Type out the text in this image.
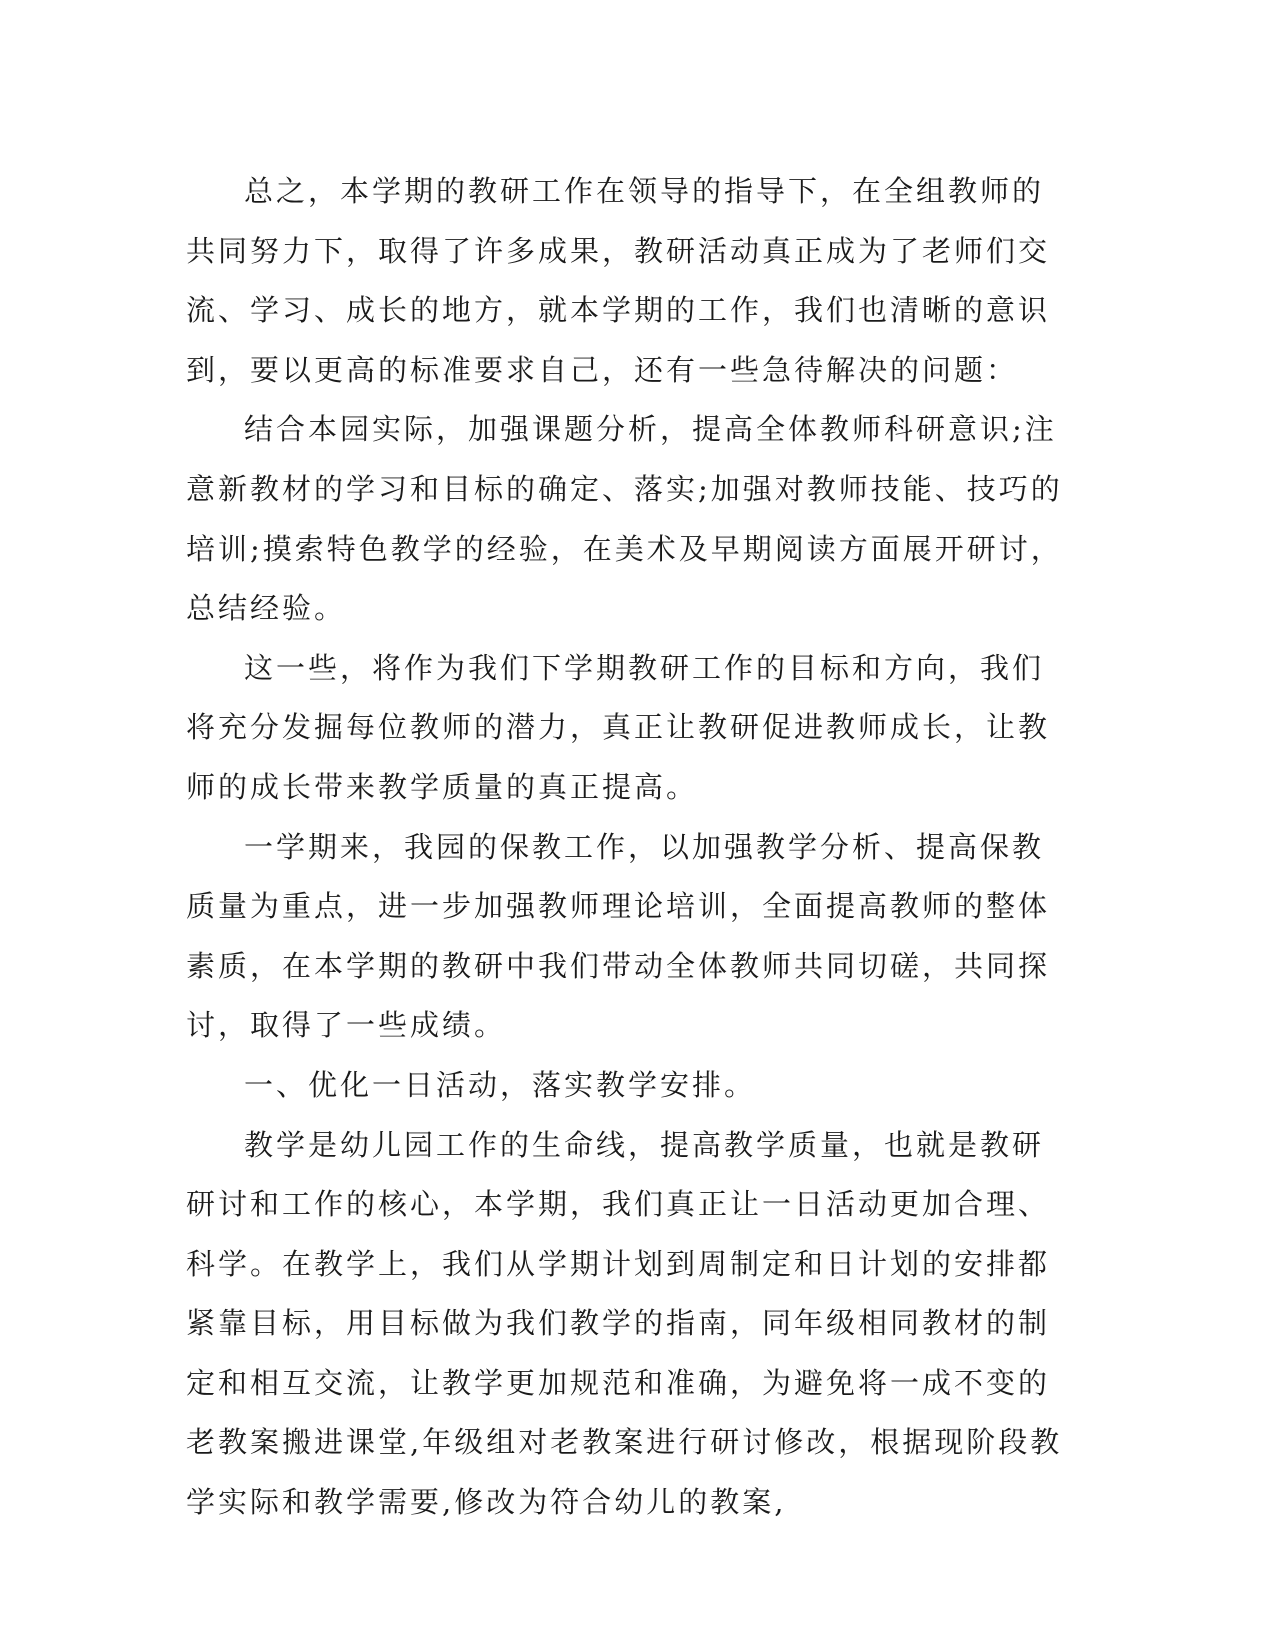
总之，本学期的教研工作在领导的指导下，在全组教师的共同努力下，取得了许多成果，教研活动真正成为了老师们交流、学习、成长的地方，就本学期的工作，我们也清晰的意识到，要以更高的标准要求自己，还有一些急待解决的问题：

结合本园实际，加强课题分析，提高全体教师科研意识;注意新教材的学习和目标的确定、落实;加强对教师技能、技巧的培训;摸索特色教学的经验，在美术及早期阅读方面展开研讨，总结经验。

这一些，将作为我们下学期教研工作的目标和方向，我们将充分发掘每位教师的潜力，真正让教研促进教师成长，让教师的成长带来教学质量的真正提高。

一学期来，我园的保教工作，以加强教学分析、提高保教质量为重点，进一步加强教师理论培训，全面提高教师的整体素质，在本学期的教研中我们带动全体教师共同切磋，共同探讨，取得了一些成绩。

一、优化一日活动，落实教学安排。

教学是幼儿园工作的生命线，提高教学质量，也就是教研研讨和工作的核心，本学期，我们真正让一日活动更加合理、科学。在教学上，我们从学期计划到周制定和日计划的安排都紧靠目标，用目标做为我们教学的指南，同年级相同教材的制定和相互交流，让教学更加规范和准确，为避免将一成不变的老教案搬进课堂,年级组对老教案进行研讨修改，根据现阶段教学实际和教学需要,修改为符合幼儿的教案,
